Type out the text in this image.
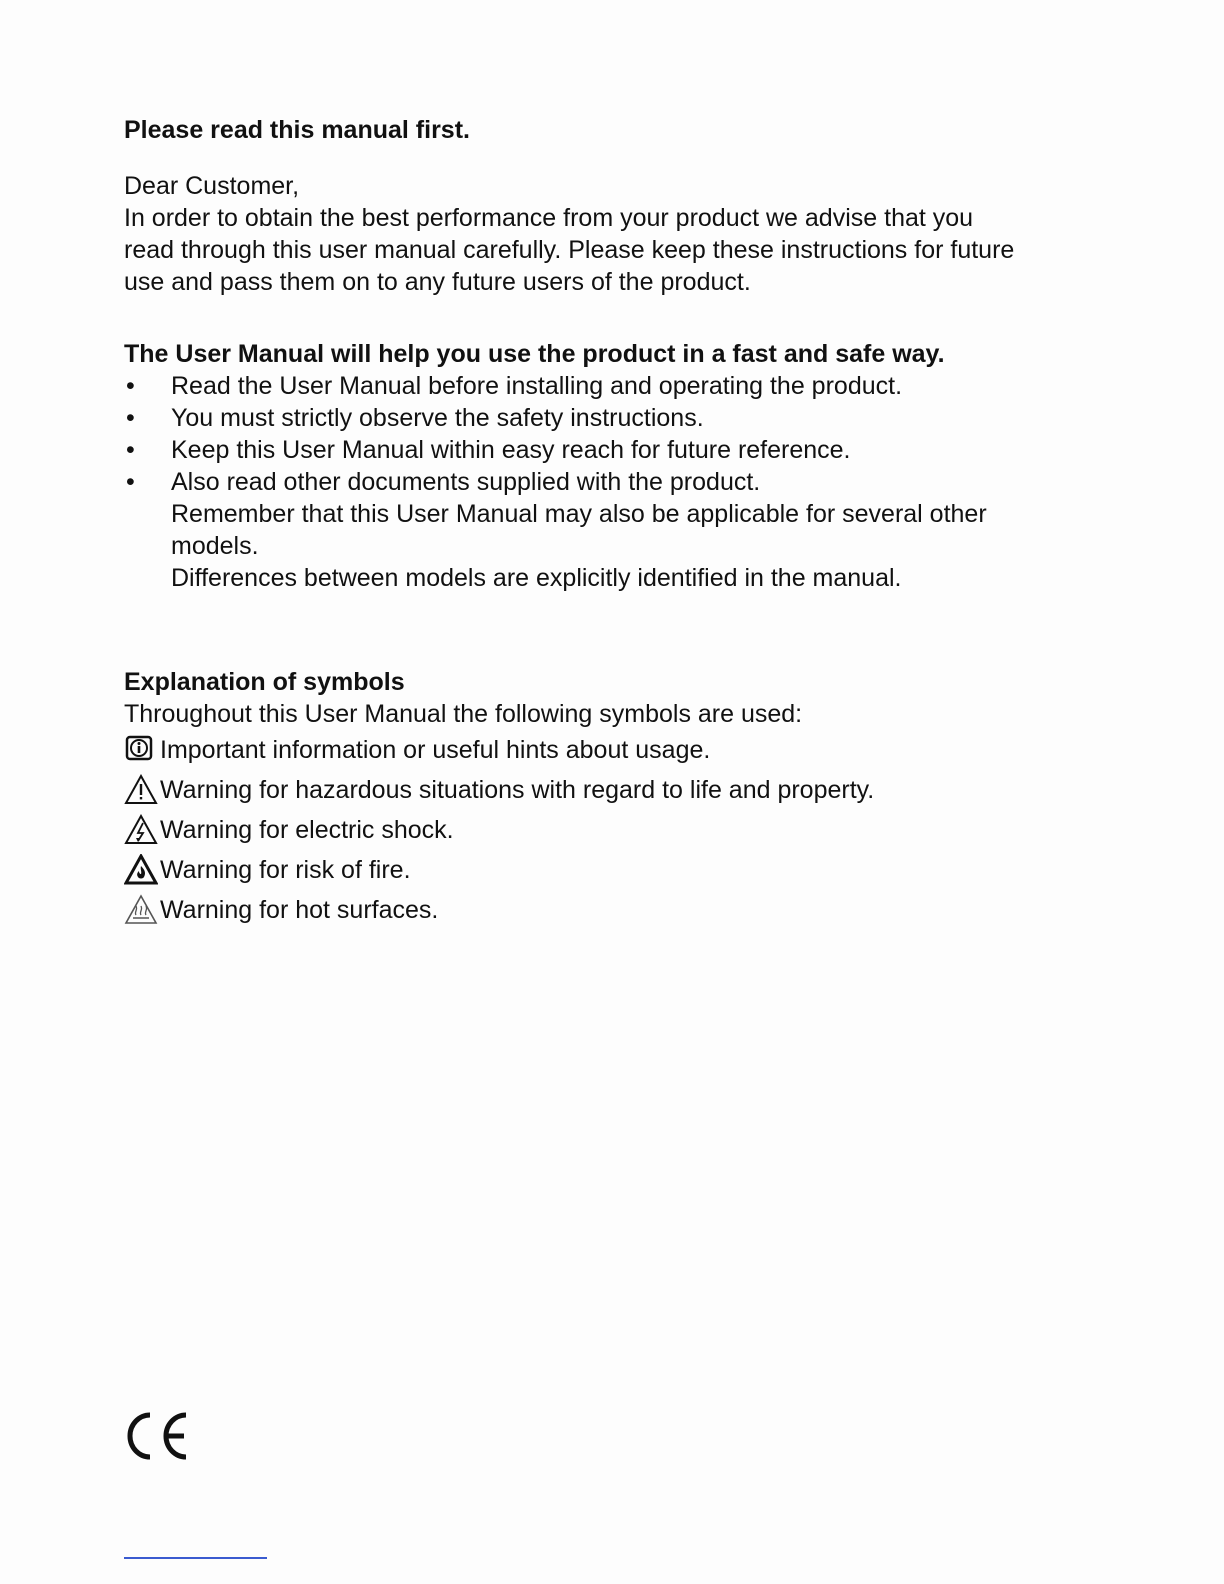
Please read this manual first.

Dear Customer,

In order to obtain the best performance from your product we advise that you

read through this user manual carefully. Please keep these instructions for future

use and pass them on to any future users of the product.

The User Manual will help you use the product in a fast and safe way.

• Read the User Manual before installing and operating the product.
• You must strictly observe the safety instructions.
• Keep this User Manual within easy reach for future reference.
• Also read other documents supplied with the product.

Remember that this User Manual may also be applicable for several other

models.

Differences between models are explicitly identified in the manual.

Explanation of symbols

Throughout this User Manual the following symbols are used:

Important information or useful hints about usage.
Warning for hazardous situations with regard to life and property.
Warning for electric shock.
Warning for risk of fire.
Warning for hot surfaces.
